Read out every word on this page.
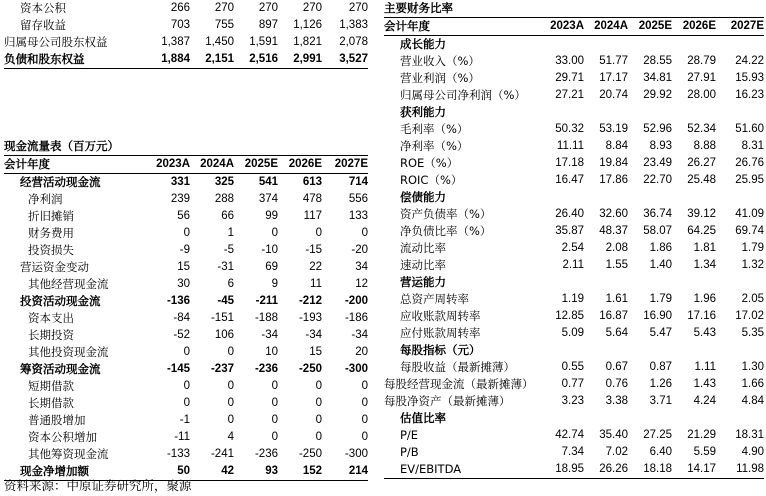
资本公积	266	270	270	270	270
留存收益	703	755	897	1,126	1,383
归属母公司股东权益	1,387	1,450	1,591	1,821	2,078
负债和股东权益	1,884	2,151	2,516	2,991	3,527
现金流量表（百万元）
会计年度	2023A	2024A	2025E	2026E	2027E
经营活动现金流	331	325	541	613	714
净利润	239	288	374	478	556
折旧摊销	56	66	99	117	133
财务费用	0	1	0	0	0
投资损失	-9	-5	-10	-15	-20
营运资金变动	15	-31	69	22	34
其他经营现金流	30	6	9	11	12
投资活动现金流	-136	-45	-211	-212	-200
资本支出	-84	-151	-188	-193	-186
长期投资	-52	106	-34	-34	-34
其他投资现金流	0	0	10	15	20
筹资活动现金流	-145	-237	-236	-250	-300
短期借款	0	0	0	0	0
长期借款	0	0	0	0	0
普通股增加	-1	0	0	0	0
资本公积增加	-11	4	0	0	0
其他筹资现金流	-133	-241	-236	-250	-300
现金净增加额	50	42	93	152	214
主要财务比率
会计年度	2023A	2024A	2025E	2026E	2027E
成长能力					
营业收入（%）	33.00	51.77	28.55	28.79	24.22
营业利润（%）	29.71	17.17	34.81	27.91	15.93
归属母公司净利润（%）	27.21	20.74	29.92	28.00	16.23
获利能力					
毛利率（%）	50.32	53.19	52.96	52.34	51.60
净利率（%）	11.11	8.84	8.93	8.88	8.31
ROE（%）	17.18	19.84	23.49	26.27	26.76
ROIC（%）	16.47	17.86	22.70	25.48	25.95
偿债能力					
资产负债率（%）	26.40	32.60	36.74	39.12	41.09
净负债比率（%）	35.87	48.37	58.07	64.25	69.74
流动比率	2.54	2.08	1.86	1.81	1.79
速动比率	2.11	1.55	1.40	1.34	1.32
营运能力					
总资产周转率	1.19	1.61	1.79	1.96	2.05
应收账款周转率	12.85	16.87	16.90	17.16	17.02
应付账款周转率	5.09	5.64	5.47	5.43	5.35
每股指标（元）					
每股收益（最新摊薄）	0.55	0.67	0.87	1.11	1.30
每股经营现金流（最新摊薄）	0.77	0.76	1.26	1.43	1.66
每股净资产（最新摊薄）	3.23	3.38	3.71	4.24	4.84
估值比率					
P/E	42.74	35.40	27.25	21.29	18.31
P/B	7.34	7.02	6.40	5.59	4.90
EV/EBITDA	18.95	26.26	18.18	14.17	11.98
资料来源：中原证券研究所，聚源
